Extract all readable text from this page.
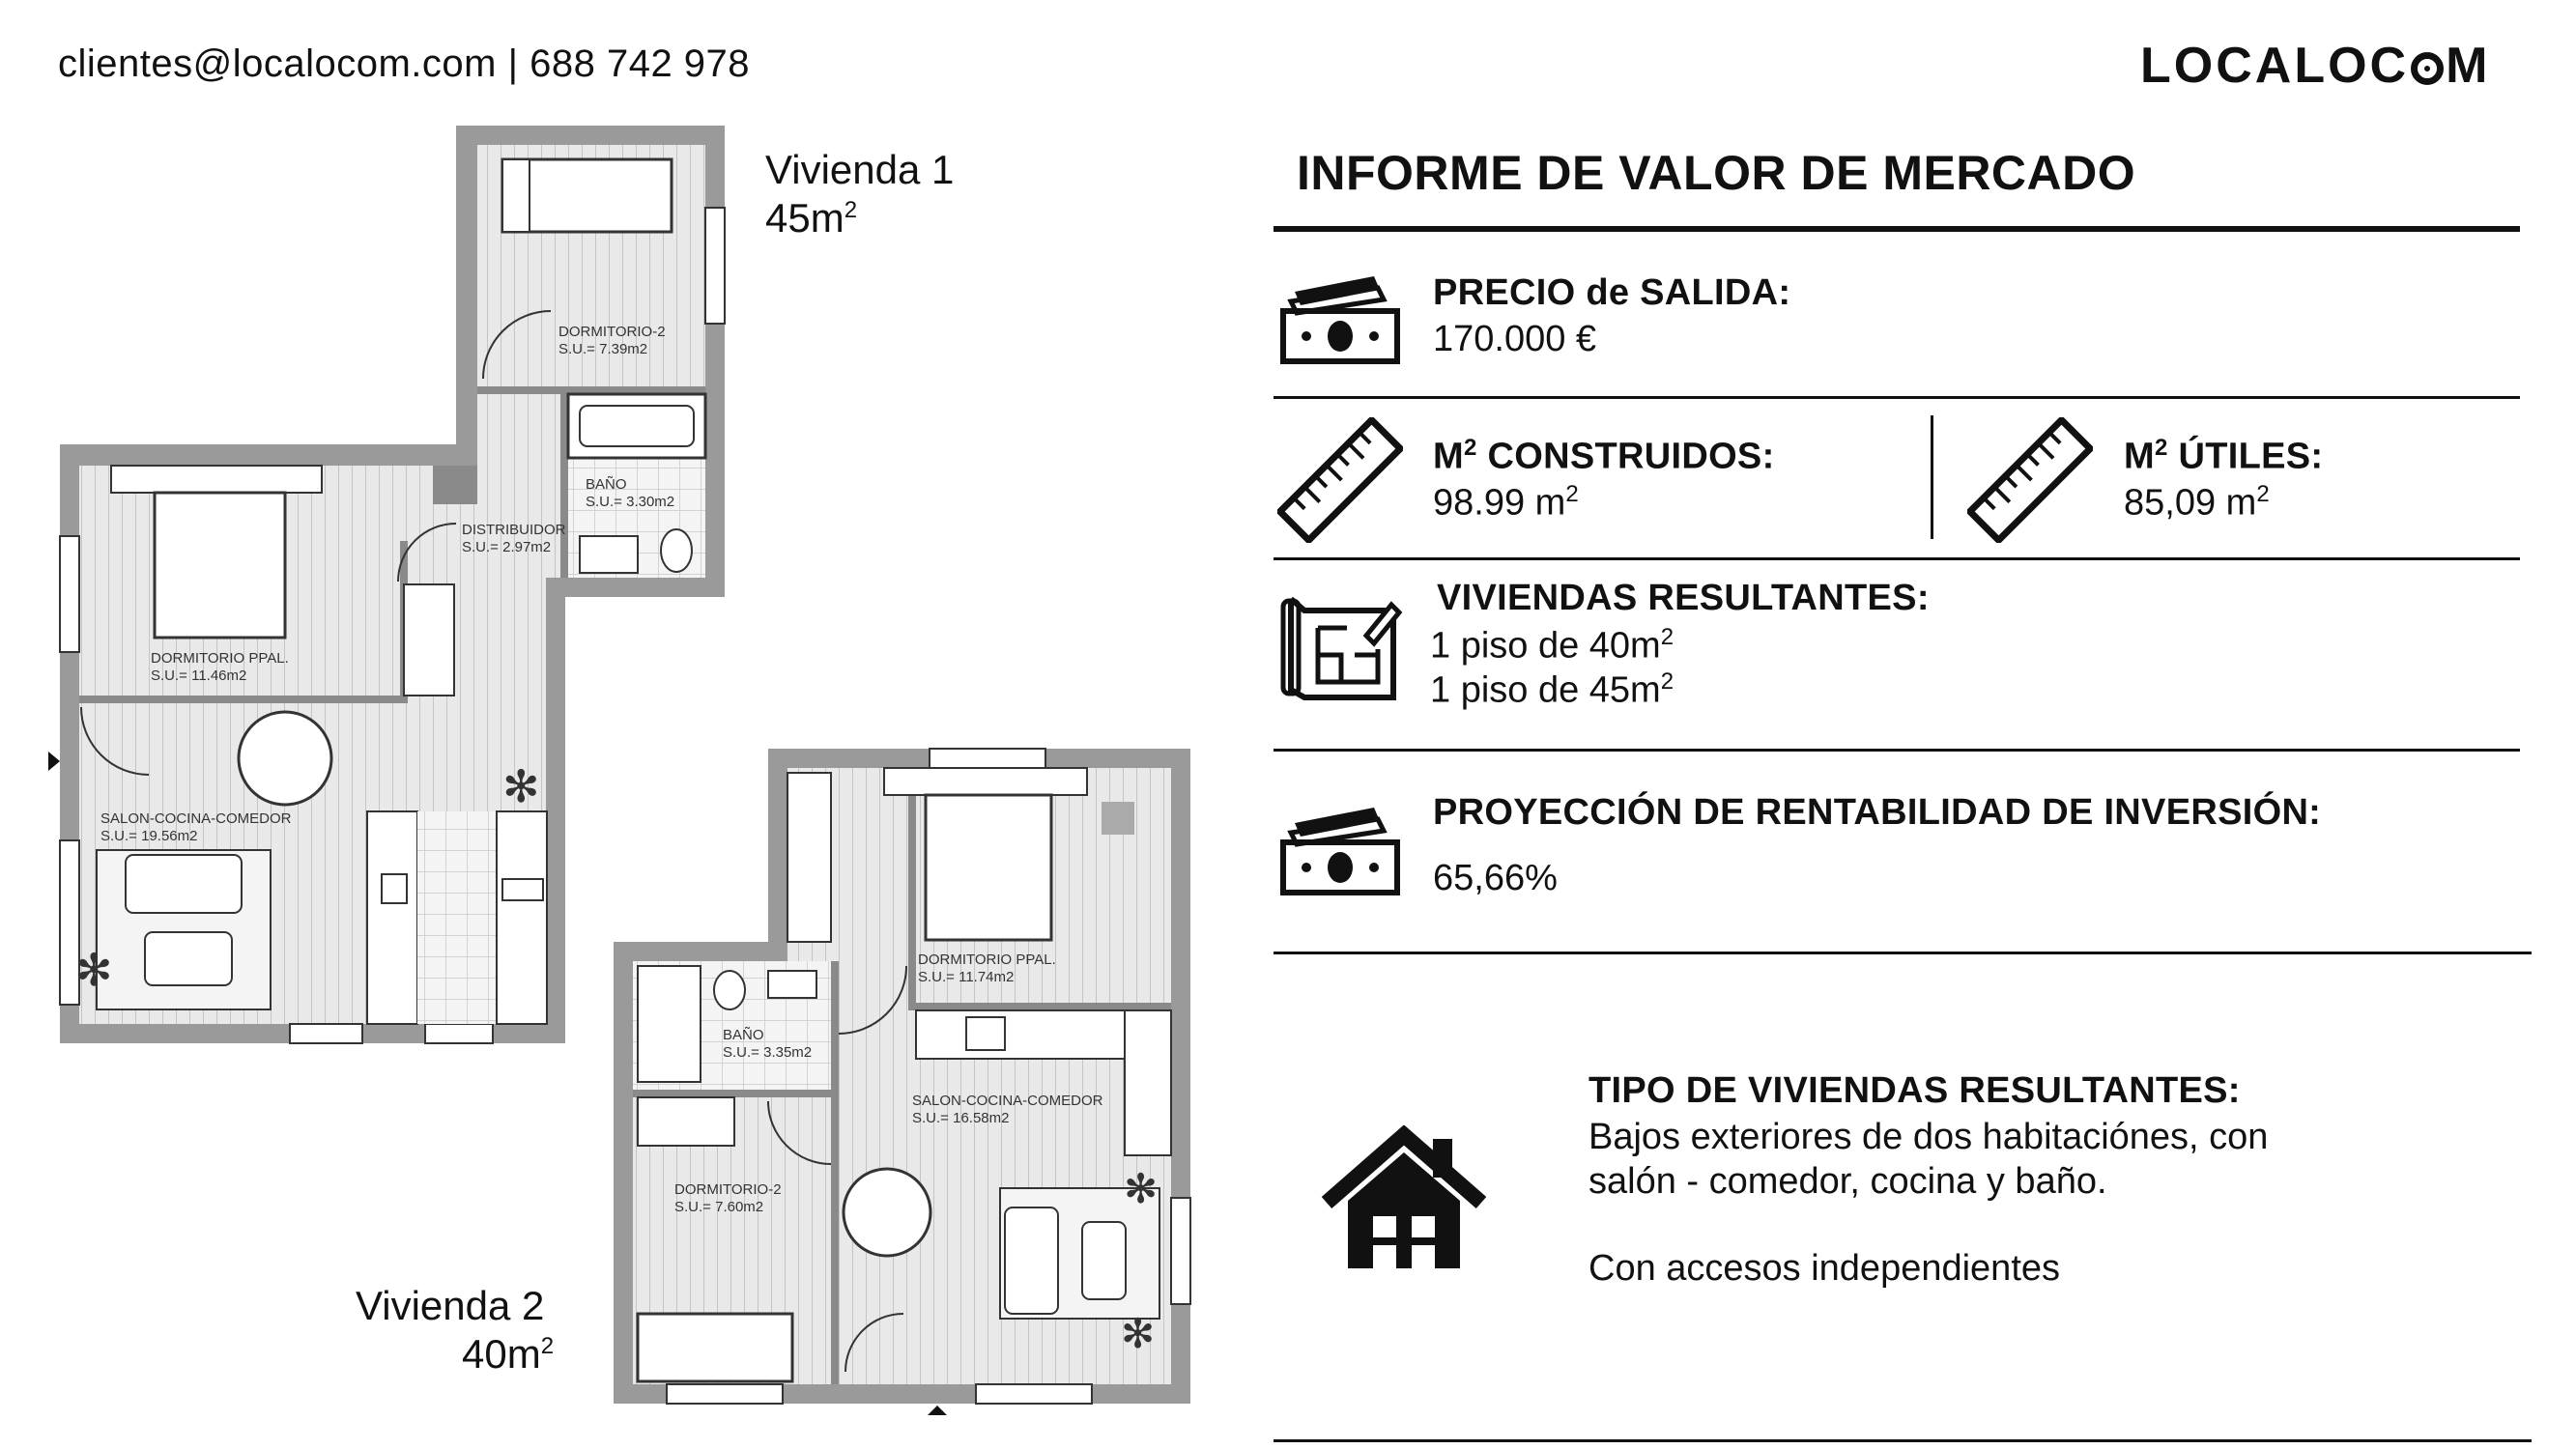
clientes@localocom.com | 688 742 978	LOCALOC M
✻
✻
DORMITORIO-2
S.U.= 7.39m2
BAÑO
S.U.= 3.30m2
DISTRIBUIDOR
S.U.= 2.97m2
DORMITORIO PPAL.
S.U.= 11.46m2
SALON-COCINA-COMEDOR
S.U.= 19.56m2
✻
✻
DORMITORIO PPAL.
S.U.= 11.74m2
BAÑO
S.U.= 3.35m2
SALON-COCINA-COMEDOR
S.U.= 16.58m2
DORMITORIO-2
S.U.= 7.60m2
Vivienda 1
$45m^2$
Vivienda 2
$40m^2$
INFORME DE VALOR DE MERCADO
PRECIO de SALIDA:
170.000 €
$M^2$ CONSTRUIDOS:
98.99 $m^2$
$M^2$ ÚTILES:
85,09 $m^2$
VIVIENDAS RESULTANTES:
1 piso de $40m^2$
1 piso de $45m^2$
PROYECCIÓN DE RENTABILIDAD DE INVERSIÓN:
65,66%
TIPO DE VIVIENDAS RESULTANTES:
Bajos exteriores de dos habitaciónes, con
salón - comedor, cocina y baño.
Con accesos independientes
